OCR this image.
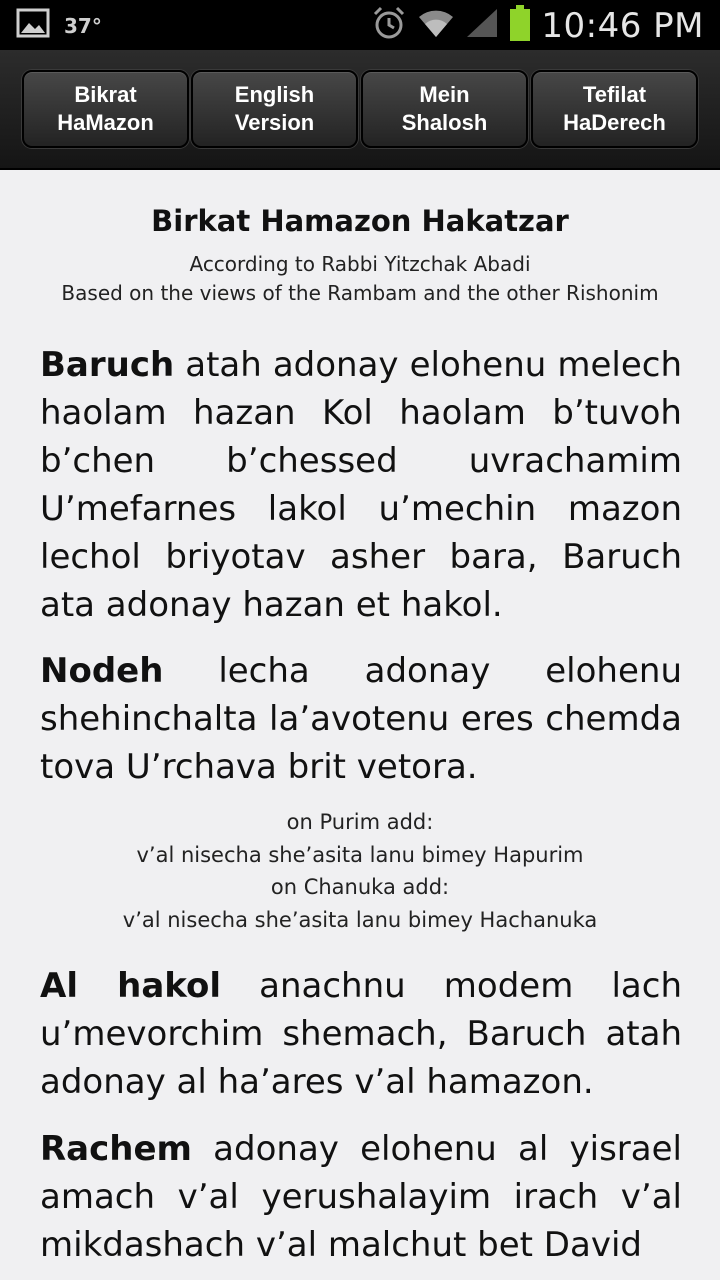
37°	10:46 PM
Bikrat
HaMazon
English
Version
Mein
Shalosh
Tefilat
HaDerech
Birkat Hamazon Hakatzar
According to Rabbi Yitzchak Abadi
Based on the views of the Rambam and the other Rishonim

Baruch atah adonay elohenu melech haolam hazan Kol haolam b’tuvoh b’chen b’chessed uvrachamim U’mefarnes lakol u’mechin mazon lechol briyotav asher bara, Baruch ata adonay hazan et hakol.

Nodeh lecha adonay elohenu shehinchalta la’avotenu eres chemda tova U’rchava brit vetora.

on Purim add:
v’al nisecha she’asita lanu bimey Hapurim
on Chanuka add:
v’al nisecha she’asita lanu bimey Hachanuka

Al hakol anachnu modem lach u’mevorchim shemach, Baruch atah adonay al ha’ares v’al hamazon.

Rachem adonay elohenu al yisrael amach v’al yerushalayim irach v’al mikdashach v’al malchut bet David
